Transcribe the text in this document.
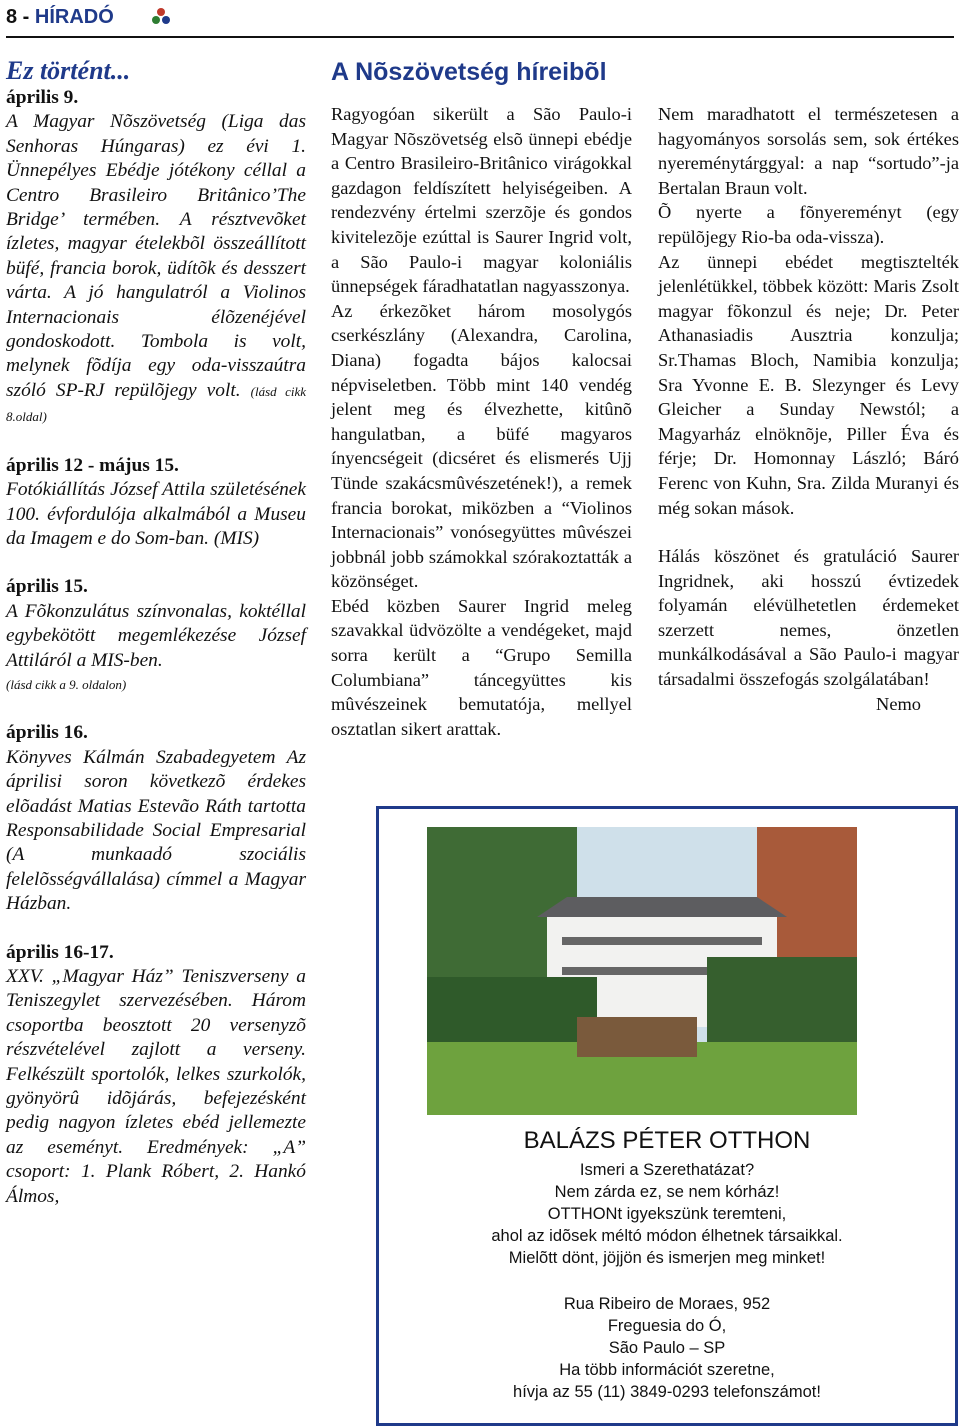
8 - HÍRADÓ
Ez történt...
április 9.

A Magyar Nõszövetség (Liga das Senhoras Húngaras) ez évi 1. Ünnepélyes Ebédje jótékony céllal a Centro Brasileiro Britânico’The Bridge’ termében. A résztvevõket ízletes, magyar ételekbõl összeállított büfé, francia borok, üdítõk és desszert várta. A jó hangulatról a Violinos Internacionais élõzenéjével gondoskodott. Tombola is volt, melynek fõdíja egy oda-visszaútra szóló SP-RJ repülõjegy volt. (lásd cikk 8.oldal)

április 12 - május 15.

Fotókiállítás József Attila születésének 100. évfordulója alkalmából a Museu da Imagem e do Som-ban. (MIS)

április 15.

A Fõkonzulátus színvonalas, koktéllal egybekötött megemlékezése József Attiláról a MIS-ben.

(lásd cikk a 9. oldalon)

április 16.

Könyves Kálmán Szabadegyetem Az áprilisi soron következõ érdekes elõadást Matias Estevão Ráth tartotta Responsabilidade Social Empresarial (A munkaadó szociális felelõsségvállalása) címmel a Magyar Házban.

április 16-17.

XXV. „Magyar Ház” Teniszverseny a Teniszegylet szervezésében. Három csoportba beosztott 20 versenyzõ részvételével zajlott a verseny. Felkészült sportolók, lelkes szurkolók, gyönyörû idõjárás, befejezésként pedig nagyon ízletes ebéd jellemezte az eseményt. Eredmények: „A” csoport: 1. Plank Róbert, 2. Hankó Álmos,

A Nõszövetség híreibõl

Ragyogóan sikerült a São Paulo-i Magyar Nõszövetség elsõ ünnepi ebédje a Centro Brasileiro-Britânico virágokkal gazdagon feldíszített helyiségeiben. A rendezvény értelmi szerzõje és gondos kivitelezõje ezúttal is Saurer Ingrid volt, a São Paulo-i magyar koloniális ünnepségek fáradhatatlan nagyasszonya.

Az érkezõket három mosolygós cserkészlány (Alexandra, Carolina, Diana) fogadta bájos kalocsai népviseletben. Több mint 140 vendég jelent meg és élvezhette, kitûnõ hangulatban, a büfé magyaros ínyencségeit (dicséret és elismerés Ujj Tünde szakácsmûvészetének!), a remek francia borokat, miközben a “Violinos Internacionais” vonósegyüttes mûvészei jobbnál jobb számokkal szórakoztatták a közönséget.

Ebéd közben Saurer Ingrid meleg szavakkal üdvözölte a vendégeket, majd sorra került a “Grupo Semilla Columbiana” táncegyüttes kis mûvészeinek bemutatója, mellyel osztatlan sikert arattak.

Nem maradhatott el természetesen a hagyományos sorsolás sem, sok értékes nyereménytárggyal: a nap “sortudo”-ja Bertalan Braun volt.

Õ nyerte a fõnyereményt (egy repülõjegy Rio-ba oda-vissza).

Az ünnepi ebédet megtisztelték jelenlétükkel, többek között: Maris Zsolt magyar fõkonzul és neje; Dr. Peter Athanasiadis Ausztria konzulja; Sr.Thamas Bloch, Namibia konzulja; Sra Yvonne E. B. Slezynger és Levy Gleicher a Sunday Newstól; a Magyarház elnöknõje, Piller Éva és férje; Dr. Homonnay László; Báró Ferenc von Kuhn, Sra. Zilda Muranyi és még sokan mások.

Hálás köszönet és gratuláció Saurer Ingridnek, aki hosszú évtizedek folyamán elévülhetetlen érdemeket szerzett nemes, önzetlen munkálkodásával a São Paulo-i magyar társadalmi összefogás szolgálatában!

Nemo

BALÁZS PÉTER OTTHON
Ismeri a Szerethatázat?
Nem zárda ez, se nem kórház!
OTTHONt igyekszünk teremteni,
ahol az idõsek méltó módon élhetnek társaikkal.
Mielõtt dönt, jöjjön és ismerjen meg minket!
Rua Ribeiro de Moraes, 952
Freguesia do Ó,
São Paulo – SP
Ha több információt szeretne,
hívja az 55 (11) 3849-0293 telefonszámot!
